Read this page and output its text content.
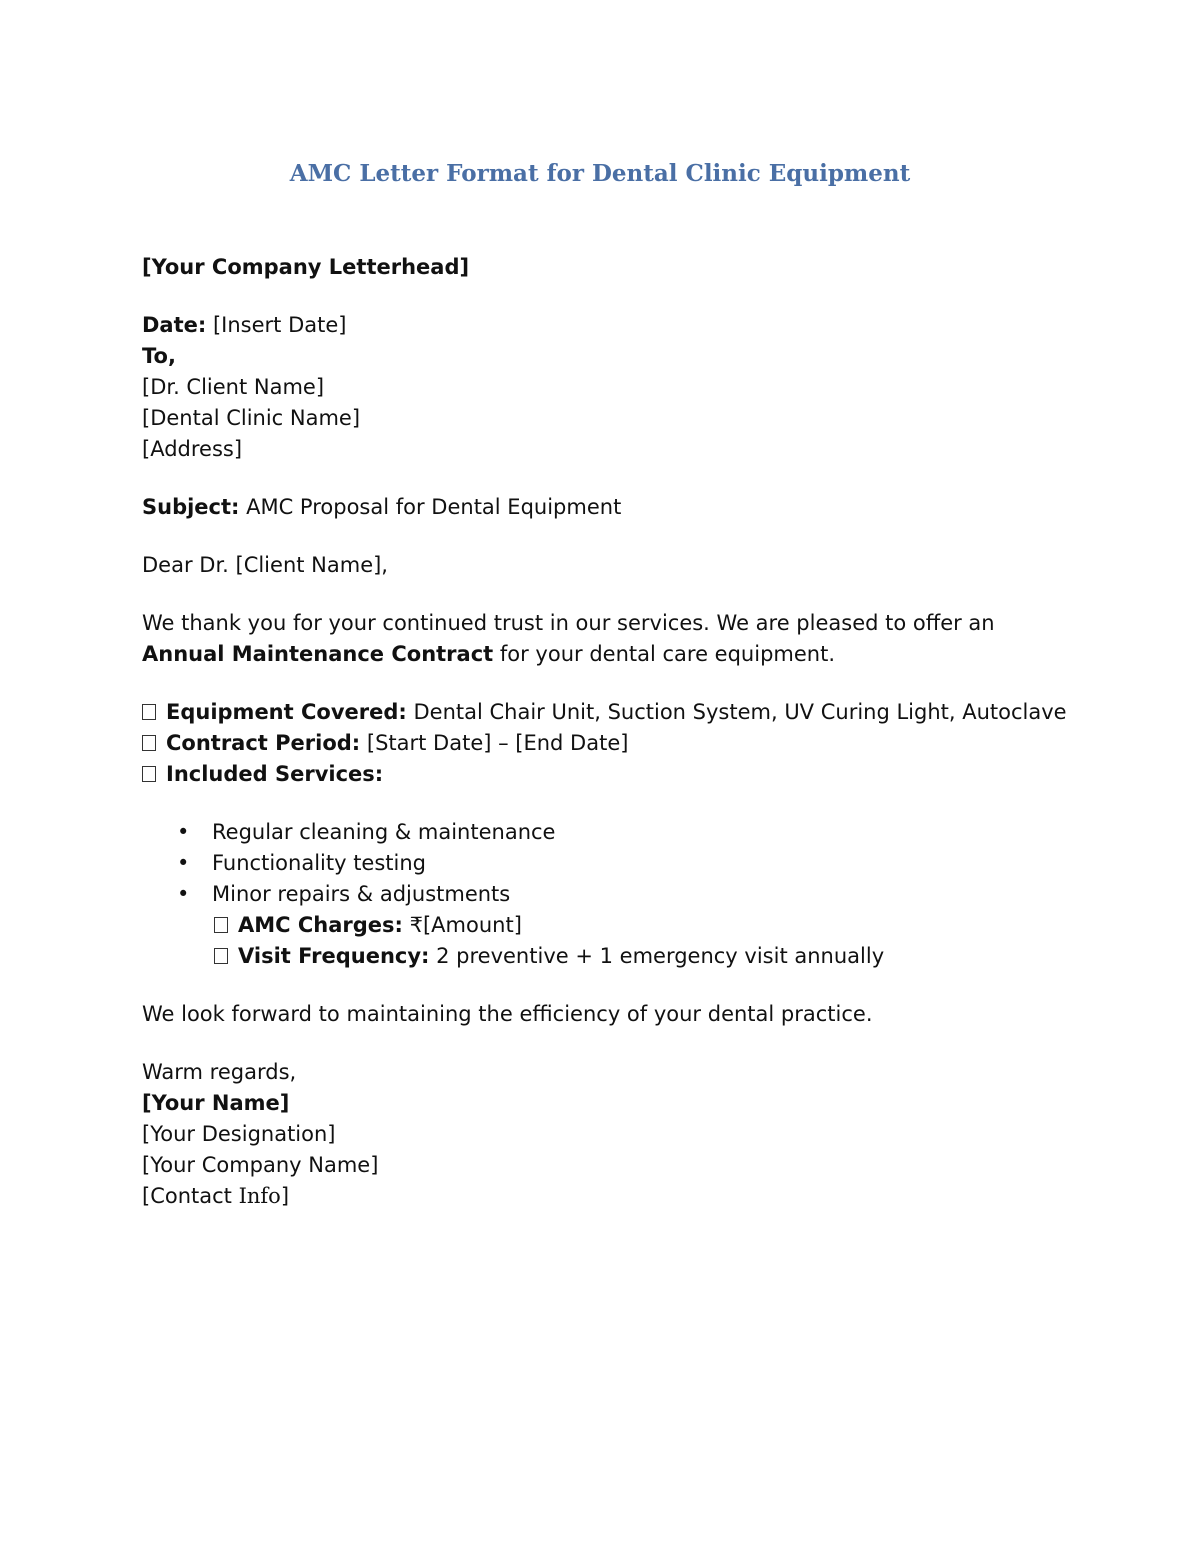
AMC Letter Format for Dental Clinic Equipment
[Your Company Letterhead]
Date: [Insert Date]
To,
[Dr. Client Name]
[Dental Clinic Name]
[Address]
Subject: AMC Proposal for Dental Equipment
Dear Dr. [Client Name],
We thank you for your continued trust in our services. We are pleased to offer an
Annual Maintenance Contract for your dental care equipment.
Equipment Covered: Dental Chair Unit, Suction System, UV Curing Light, Autoclave
Contract Period: [Start Date] – [End Date]
Included Services:
• Regular cleaning & maintenance
• Functionality testing
• Minor repairs & adjustments
AMC Charges: ₹[Amount]
Visit Frequency: 2 preventive + 1 emergency visit annually
We look forward to maintaining the efficiency of your dental practice.
Warm regards,
[Your Name]
[Your Designation]
[Your Company Name]
[Contact Info]
